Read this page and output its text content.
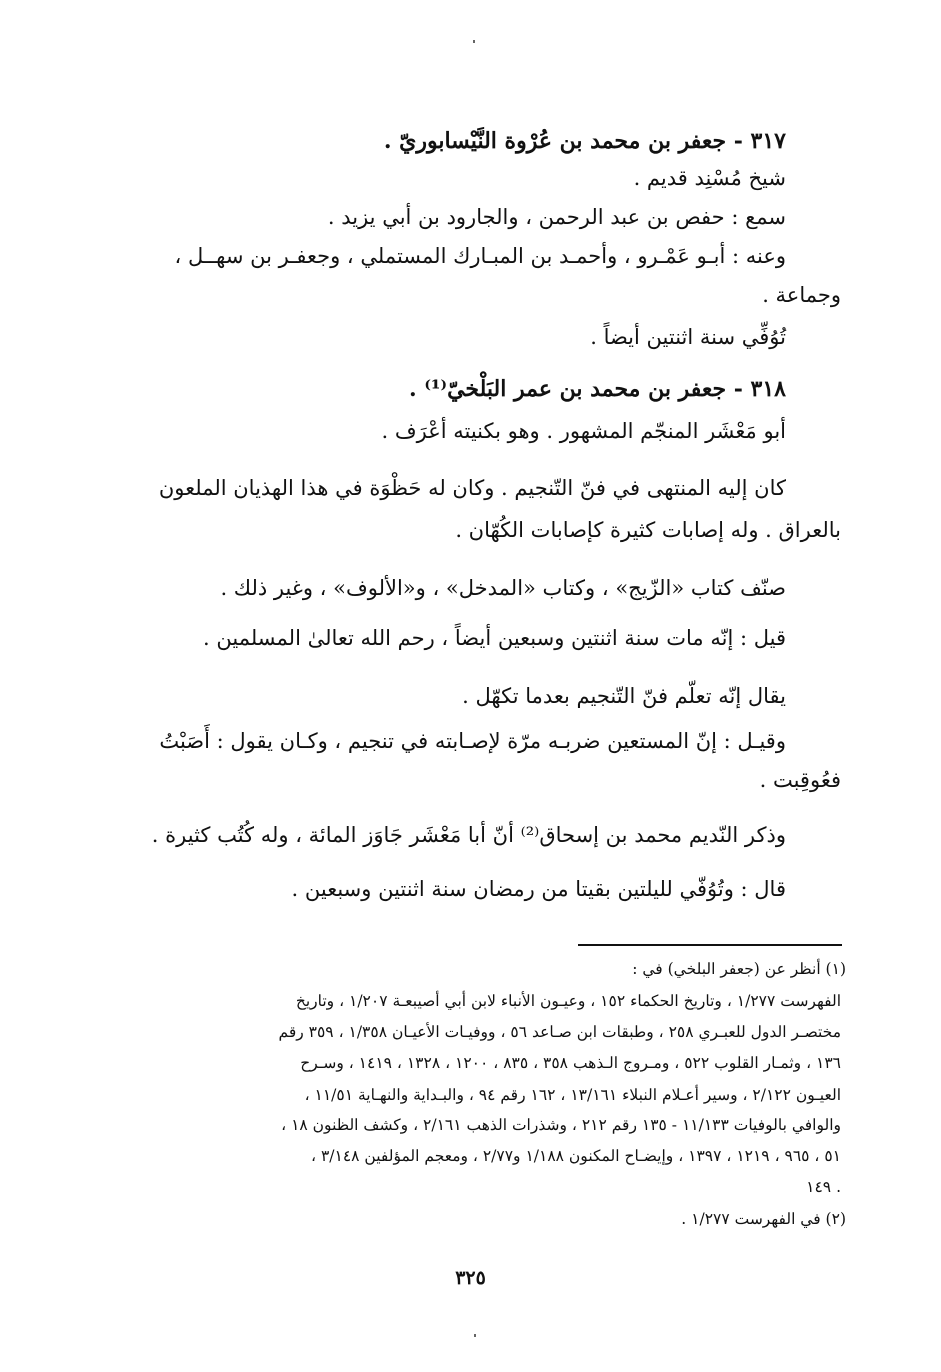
٣١٧ - جعفر بن محمد بن عُرْوة النَّيْسابوريّ .
شيخ مُسْنِد قديم .
سمع : حفص بن عبد الرحمن ، والجارود بن أبي يزيد .
وعنه : أبـو عَمْـرو ، وأحمـد بن المبـارك المستملي ، وجعفـر بن سهــل ،
وجماعة .
تُوُفِّي سنة اثنتين أيضاً .
٣١٨ - جعفر بن محمد بن عمر البَلْخيّ⁽¹⁾ .
أبو مَعْشَر المنجّم المشهور . وهو بكنيته أعْرَف .
كان إليه المنتهى في فنّ التّنجيم . وكان له حَظْوَة في هذا الهذيان الملعون
بالعراق . وله إصابات كثيرة كإصابات الكُهّان .
صنّف كتاب «الزّيج» ، وكتاب «المدخل» ، و«الألوف» ، وغير ذلك .
قيل : إنّه مات سنة اثنتين وسبعين أيضاً ، رحم الله تعالىٰ المسلمين .
يقال إنّه تعلّم فنّ التّنجيم بعدما تكهّل .
وقيـل : إنّ المستعين ضربـه مرّة لإصـابته في تنجيم ، وكـان يقول : أَصَبْتُ
فعُوقِبت .
وذكر النّديم محمد بن إسحاق⁽²⁾ أنّ أبا مَعْشَر جَاوَز المائة ، وله كُتُب كثيرة .
قال : وتُوُفّي لليلتين بقيتا من رمضان سنة اثنتين وسبعين .
(١) أنظر عن (جعفر البلخي) في :
الفهرست ١/٢٧٧ ، وتاريخ الحكماء ١٥٢ ، وعيـون الأنباء لابن أبي أصيبعـة ١/٢٠٧ ، وتاريخ
مختصـر الدول للعبـري ٢٥٨ ، وطبقات ابن صـاعد ٥٦ ، ووفيـات الأعيـان ١/٣٥٨ ، ٣٥٩ رقم
١٣٦ ، وثمـار القلوب ٥٢٢ ، ومـروج الـذهب ٣٥٨ ، ٨٣٥ ، ١٢٠٠ ، ١٣٢٨ ، ١٤١٩ ، وسـرح
العيـون ٢/١٢٢ ، وسير أعـلام النبلاء ١٣/١٦١ ، ١٦٢ رقم ٩٤ ، والبـداية والنهـاية ١١/٥١ ،
والوافي بالوفيات ١١/١٣٣ - ١٣٥ رقم ٢١٢ ، وشذرات الذهب ٢/١٦١ ، وكشف الظنون ١٨ ،
٥١ ، ٩٦٥ ، ١٢١٩ ، ١٣٩٧ ، وإيضـاح المكنون ١/١٨٨ و٢/٧٧ ، ومعجم المؤلفين ٣/١٤٨ ،
١٤٩ .
(٢) في الفهرست ١/٢٧٧ .
٣٢٥
